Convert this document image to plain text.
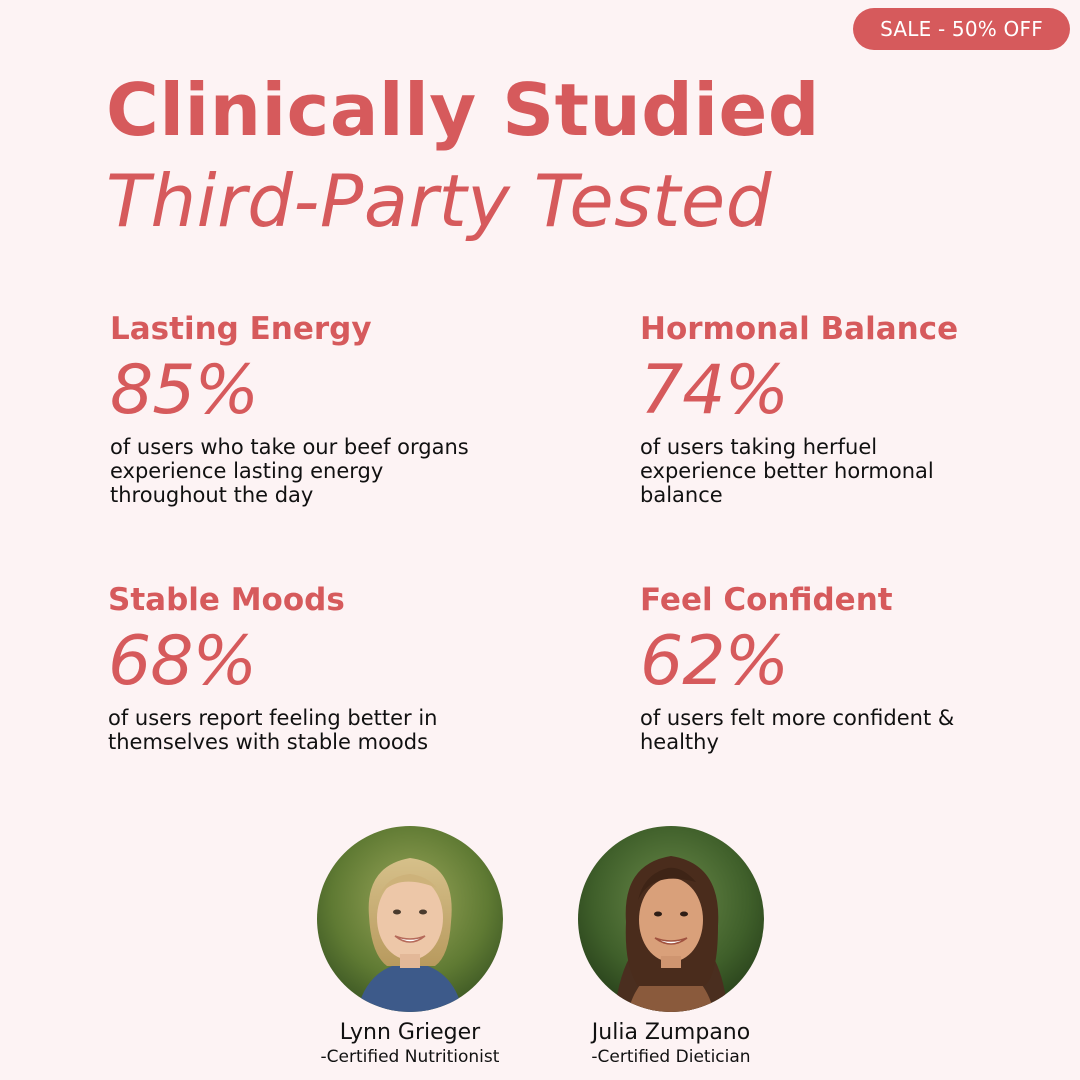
SALE - 50% OFF
Clinically Studied
Third-Party Tested
Lasting Energy
85%

of users who take our beef organs experience lasting energy throughout the day

Hormonal Balance
74%

of users taking herfuel experience better hormonal balance

Stable Moods
68%

of users report feeling better in themselves with stable moods

Feel Confident
62%

of users felt more confident & healthy

Lynn Grieger
-Certified Nutritionist
Julia Zumpano
-Certified Dietician
